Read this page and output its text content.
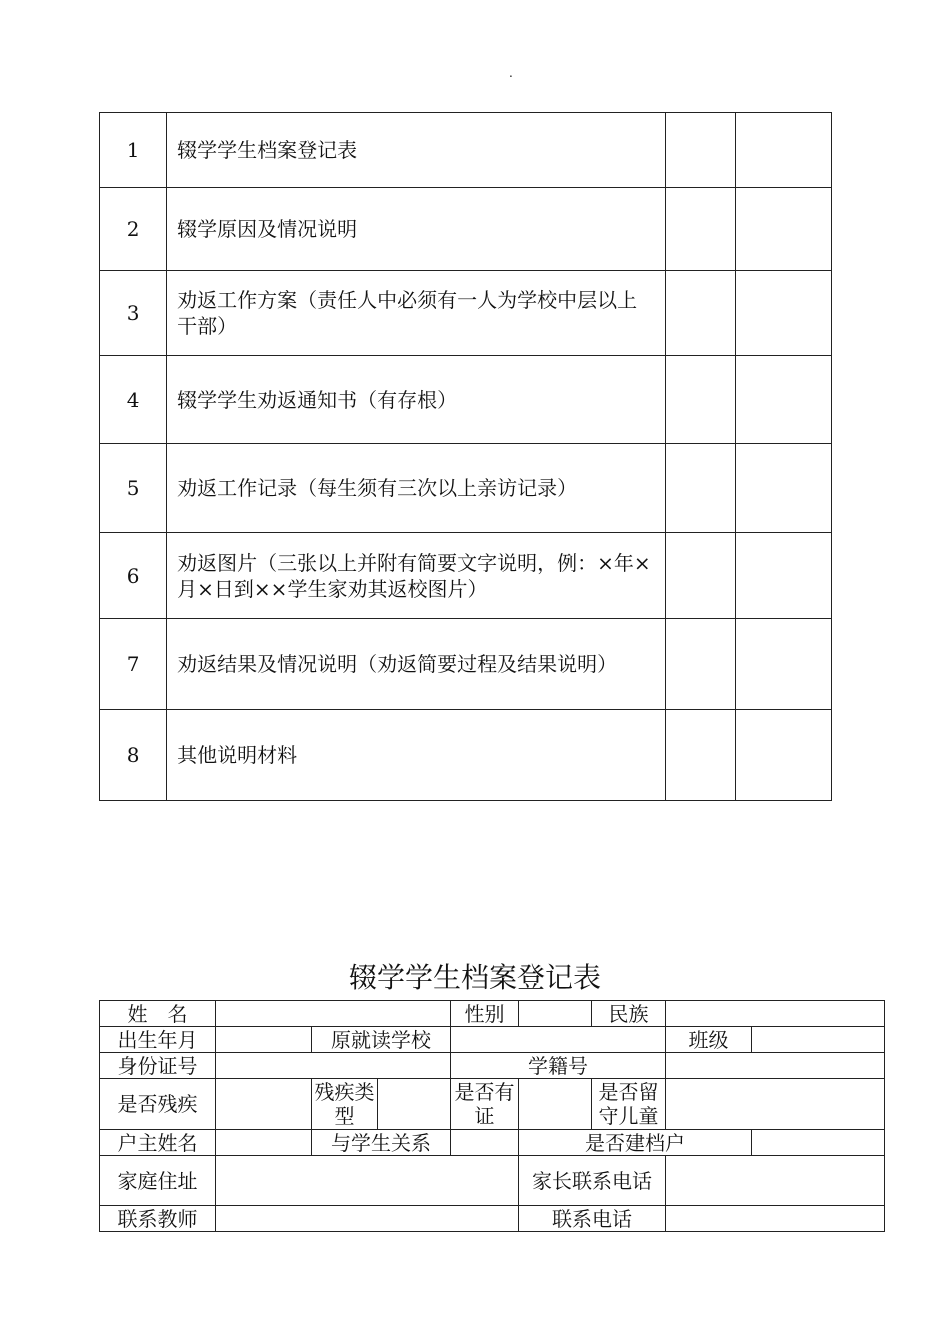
.
1	辍学学生档案登记表		
2	辍学原因及情况说明		
3	劝返工作方案（责任人中必须有一人为学校中层以上干部）		
4	辍学学生劝返通知书（有存根）		
5	劝返工作记录（每生须有三次以上亲访记录）		
6	劝返图片（三张以上并附有简要文字说明，例：×年×月×日到××学生家劝其返校图片）		
7	劝返结果及情况说明（劝返简要过程及结果说明）		
8	其他说明材料		
辍学学生档案登记表
姓　名				性别		民族		
出生年月		原就读学校					班级	
身份证号				学籍号				
是否残疾		残疾类型		是否有证		是否留守儿童		
户主姓名		与学生关系			是否建档户			
家庭住址					家长联系电话			
联系教师					联系电话			
